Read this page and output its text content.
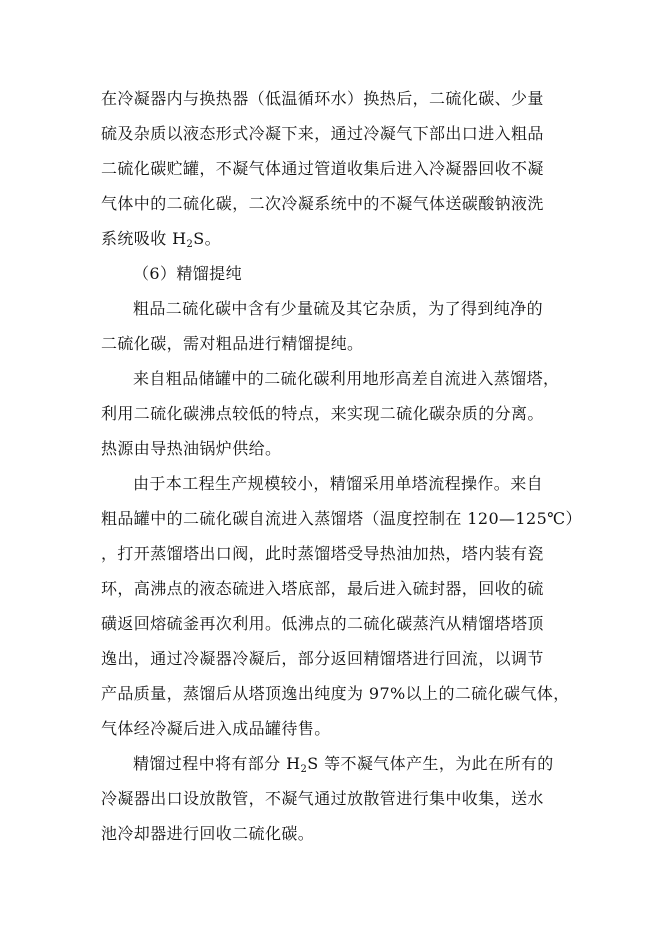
在冷凝器内与换热器（低温循环水）换热后，二硫化碳、少量
硫及杂质以液态形式冷凝下来，通过冷凝气下部出口进入粗品
二硫化碳贮罐，不凝气体通过管道收集后进入冷凝器回收不凝
气体中的二硫化碳，二次冷凝系统中的不凝气体送碳酸钠液洗
系统吸收 $H_2S$。
（6）精馏提纯
粗品二硫化碳中含有少量硫及其它杂质，为了得到纯净的
二硫化碳，需对粗品进行精馏提纯。
来自粗品储罐中的二硫化碳利用地形高差自流进入蒸馏塔，
利用二硫化碳沸点较低的特点，来实现二硫化碳杂质的分离。
热源由导热油锅炉供给。
由于本工程生产规模较小，精馏采用单塔流程操作。来自
粗品罐中的二硫化碳自流进入蒸馏塔（温度控制在 120—125℃）
，打开蒸馏塔出口阀，此时蒸馏塔受导热油加热，塔内装有瓷
环，高沸点的液态硫进入塔底部，最后进入硫封器，回收的硫
磺返回熔硫釜再次利用。低沸点的二硫化碳蒸汽从精馏塔塔顶
逸出，通过冷凝器冷凝后，部分返回精馏塔进行回流，以调节
产品质量，蒸馏后从塔顶逸出纯度为 97%以上的二硫化碳气体，
气体经冷凝后进入成品罐待售。
精馏过程中将有部分 $H_2S$ 等不凝气体产生，为此在所有的
冷凝器出口设放散管，不凝气通过放散管进行集中收集，送水
池冷却器进行回收二硫化碳。
